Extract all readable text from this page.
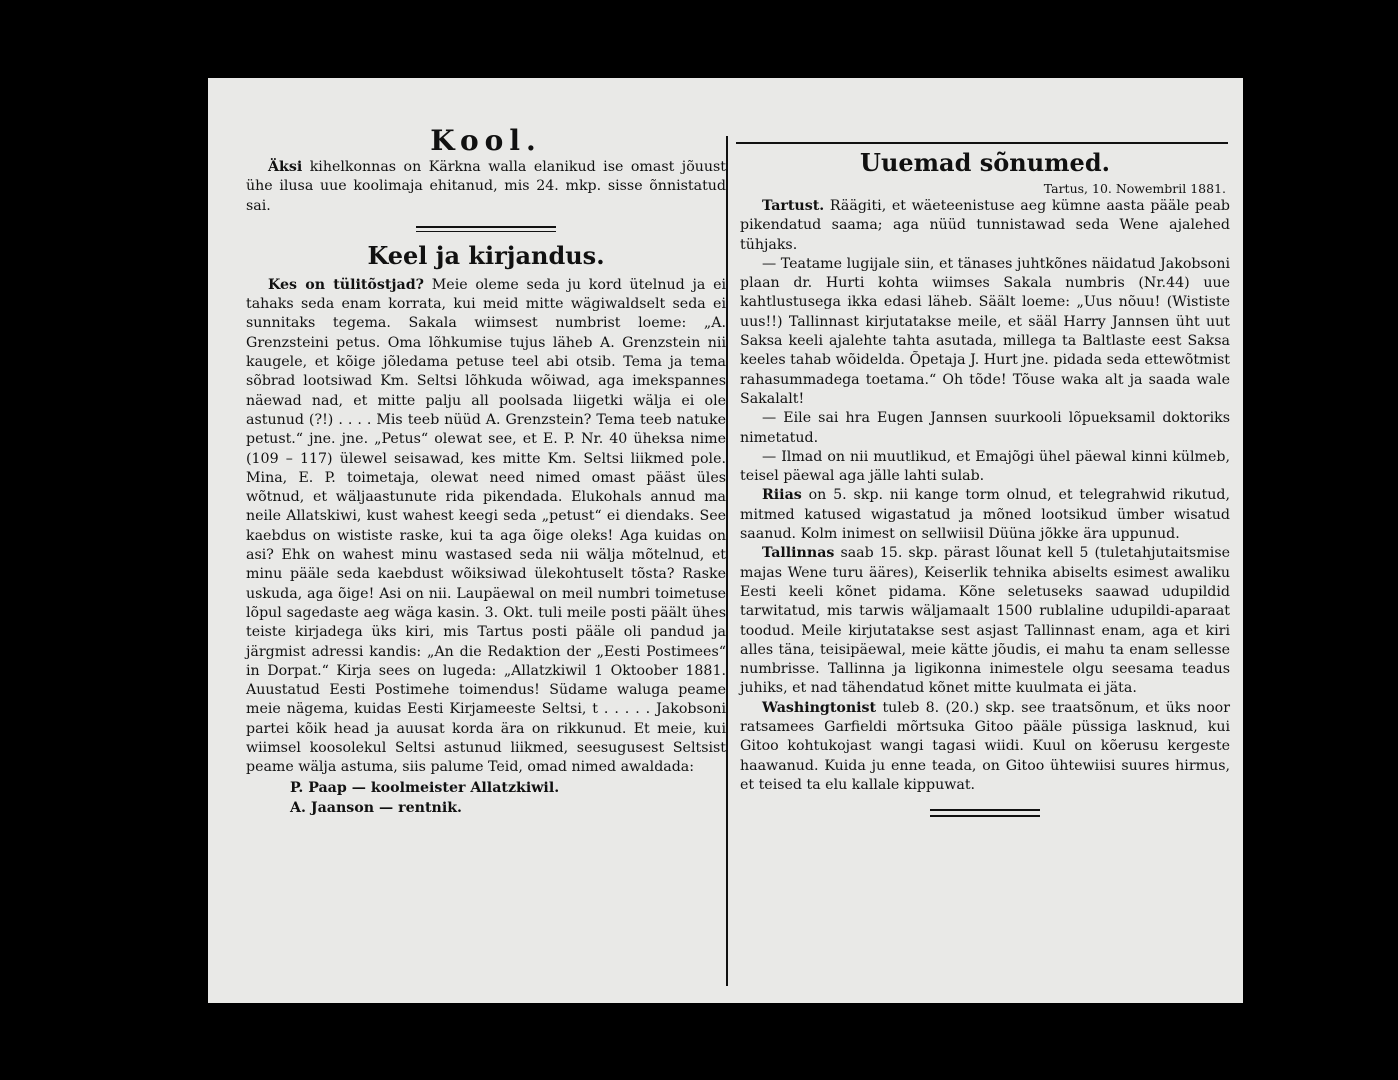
Kool.

Äksi kihelkonnas on Kärkna walla elanikud ise omast jõuust ühe ilusa uue koolimaja ehitanud, mis 24. mkp. sisse õnnistatud sai.

Keel ja kirjandus.

Kes on tülitõstjad? Meie oleme seda ju kord ütelnud ja ei tahaks seda enam korrata, kui meid mitte wägiwaldselt seda ei sunnitaks tegema. Sakala wiimsest numbrist loeme: „A. Grenzsteini petus. Oma lõhkumise tujus läheb A. Grenzstein nii kaugele, et kõige jõledama petuse teel abi otsib. Tema ja tema sõbrad lootsiwad Km. Seltsi lõhkuda wõiwad, aga imekspannes näewad nad, et mitte palju all poolsada liigetki wälja ei ole astunud (?!) . . . . Mis teeb nüüd A. Grenzstein? Tema teeb natuke petust.“ jne. jne. „Petus“ olewat see, et E. P. Nr. 40 üheksa nime (109 – 117) ülewel seisawad, kes mitte Km. Seltsi liikmed pole. Mina, E. P. toimetaja, olewat need nimed omast pääst üles wõtnud, et wäljaastunute rida pikendada. Elukohals annud ma neile Allatskiwi, kust wahest keegi seda „petust“ ei diendaks. See kaebdus on wististe raske, kui ta aga õige oleks! Aga kuidas on asi? Ehk on wahest minu wastased seda nii wälja mõtelnud, et minu pääle seda kaebdust wõiksiwad ülekohtuselt tõsta? Raske uskuda, aga õige! Asi on nii. Laupäewal on meil numbri toimetuse lõpul sagedaste aeg wäga kasin. 3. Okt. tuli meile posti päält ühes teiste kirjadega üks kiri, mis Tartus posti pääle oli pandud ja järgmist adressi kandis: „An die Redaktion der „Eesti Postimees“ in Dorpat.“ Kirja sees on lugeda: „Allatzkiwil 1 Oktoober 1881. Auustatud Eesti Postimehe toimendus! Südame waluga peame meie nägema, kuidas Eesti Kirjameeste Seltsi, t . . . . . Jakobsoni partei kõik head ja auusat korda ära on rikkunud. Et meie, kui wiimsel koosolekul Seltsi astunud liikmed, seesugusest Seltsist peame wälja astuma, siis palume Teid, omad nimed awaldada:

P. Paap — koolmeister Allatzkiwil.
A. Jaanson — rentnik.
Uuemad sõnumed.
Tartus, 10. Nowembril 1881.

Tartust. Räägiti, et wäeteenistuse aeg kümne aasta pääle peab pikendatud saama; aga nüüd tunnistawad seda Wene ajalehed tühjaks.

— Teatame lugijale siin, et tänases juhtkõnes näidatud Jakobsoni plaan dr. Hurti kohta wiimses Sakala numbris (Nr.44) uue kahtlustusega ikka edasi läheb. Säält loeme: „Uus nõuu! (Wististe uus!!) Tallinnast kirjutatakse meile, et sääl Harry Jannsen üht uut Saksa keeli ajalehte tahta asutada, millega ta Baltlaste eest Saksa keeles tahab wõidelda. Õpetaja J. Hurt jne. pidada seda ettewõtmist rahasummadega toetama.“ Oh tõde! Tõuse waka alt ja saada wale Sakalalt!

— Eile sai hra Eugen Jannsen suurkooli lõpueksamil doktoriks nimetatud.

— Ilmad on nii muutlikud, et Emajõgi ühel päewal kinni külmeb, teisel päewal aga jälle lahti sulab.

Riias on 5. skp. nii kange torm olnud, et telegrahwid rikutud, mitmed katused wigastatud ja mõned lootsikud ümber wisatud saanud. Kolm inimest on sellwiisil Düüna jõkke ära uppunud.

Tallinnas saab 15. skp. pärast lõunat kell 5 (tuletahjutaitsmise majas Wene turu ääres), Keiserlik tehnika abiselts esimest awaliku Eesti keeli kõnet pidama. Kõne seletuseks saawad udupildid tarwitatud, mis tarwis wäljamaalt 1500 rublaline udupildi-aparaat toodud. Meile kirjutatakse sest asjast Tallinnast enam, aga et kiri alles täna, teisipäewal, meie kätte jõudis, ei mahu ta enam sellesse numbrisse. Tallinna ja ligikonna inimestele olgu seesama teadus juhiks, et nad tähendatud kõnet mitte kuulmata ei jäta.

Washingtonist tuleb 8. (20.) skp. see traatsõnum, et üks noor ratsamees Garfieldi mõrtsuka Gitoo pääle püssiga lasknud, kui Gitoo kohtukojast wangi tagasi wiidi. Kuul on kõerusu kergeste haawanud. Kuida ju enne teada, on Gitoo ühtewiisi suures hirmus, et teised ta elu kallale kippuwat.
